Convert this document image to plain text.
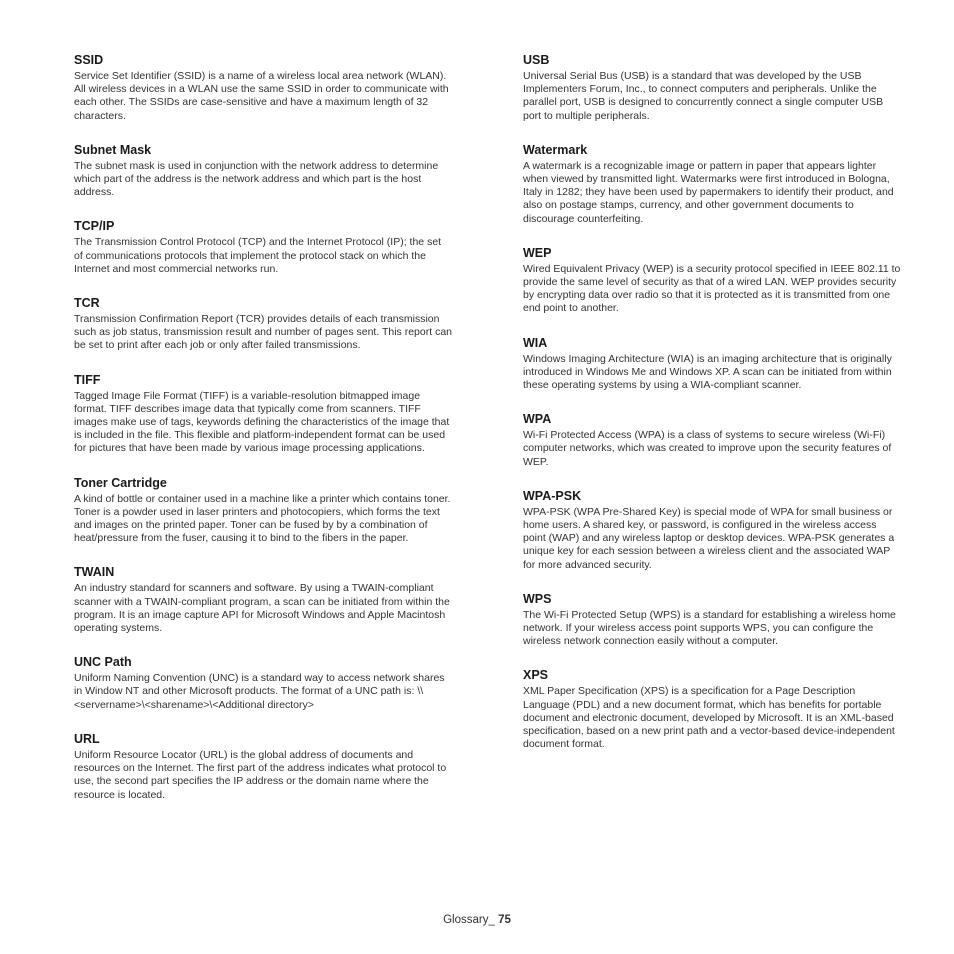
SSID

Service Set Identifier (SSID) is a name of a wireless local area network (WLAN). All wireless devices in a WLAN use the same SSID in order to communicate with each other. The SSIDs are case-sensitive and have a maximum length of 32 characters.

Subnet Mask

The subnet mask is used in conjunction with the network address to determine which part of the address is the network address and which part is the host address.

TCP/IP

The Transmission Control Protocol (TCP) and the Internet Protocol (IP); the set of communications protocols that implement the protocol stack on which the Internet and most commercial networks run.

TCR

Transmission Confirmation Report (TCR) provides details of each transmission such as job status, transmission result and number of pages sent. This report can be set to print after each job or only after failed transmissions.

TIFF

Tagged Image File Format (TIFF) is a variable-resolution bitmapped image format. TIFF describes image data that typically come from scanners. TIFF images make use of tags, keywords defining the characteristics of the image that is included in the file. This flexible and platform-independent format can be used for pictures that have been made by various image processing applications.

Toner Cartridge

A kind of bottle or container used in a machine like a printer which contains toner. Toner is a powder used in laser printers and photocopiers, which forms the text and images on the printed paper. Toner can be fused by by a combination of heat/pressure from the fuser, causing it to bind to the fibers in the paper.

TWAIN

An industry standard for scanners and software. By using a TWAIN-compliant scanner with a TWAIN-compliant program, a scan can be initiated from within the program. It is an image capture API for Microsoft Windows and Apple Macintosh operating systems.

UNC Path

Uniform Naming Convention (UNC) is a standard way to access network shares in Window NT and other Microsoft products. The format of a UNC path is: \\<servername>\<sharename>\<Additional directory>

URL

Uniform Resource Locator (URL) is the global address of documents and resources on the Internet. The first part of the address indicates what protocol to use, the second part specifies the IP address or the domain name where the resource is located.

USB

Universal Serial Bus (USB) is a standard that was developed by the USB Implementers Forum, Inc., to connect computers and peripherals. Unlike the parallel port, USB is designed to concurrently connect a single computer USB port to multiple peripherals.

Watermark

A watermark is a recognizable image or pattern in paper that appears lighter when viewed by transmitted light. Watermarks were first introduced in Bologna, Italy in 1282; they have been used by papermakers to identify their product, and also on postage stamps, currency, and other government documents to discourage counterfeiting.

WEP

Wired Equivalent Privacy (WEP) is a security protocol specified in IEEE 802.11 to provide the same level of security as that of a wired LAN. WEP provides security by encrypting data over radio so that it is protected as it is transmitted from one end point to another.

WIA

Windows Imaging Architecture (WIA) is an imaging architecture that is originally introduced in Windows Me and Windows XP. A scan can be initiated from within these operating systems by using a WIA-compliant scanner.

WPA

Wi-Fi Protected Access (WPA) is a class of systems to secure wireless (Wi-Fi) computer networks, which was created to improve upon the security features of WEP.

WPA-PSK

WPA-PSK (WPA Pre-Shared Key) is special mode of WPA for small business or home users. A shared key, or password, is configured in the wireless access point (WAP) and any wireless laptop or desktop devices. WPA-PSK generates a unique key for each session between a wireless client and the associated WAP for more advanced security.

WPS

The Wi-Fi Protected Setup (WPS) is a standard for establishing a wireless home network. If your wireless access point supports WPS, you can configure the wireless network connection easily without a computer.

XPS

XML Paper Specification (XPS) is a specification for a Page Description Language (PDL) and a new document format, which has benefits for portable document and electronic document, developed by Microsoft. It is an XML-based specification, based on a new print path and a vector-based device-independent document format.

Glossary_ 75
